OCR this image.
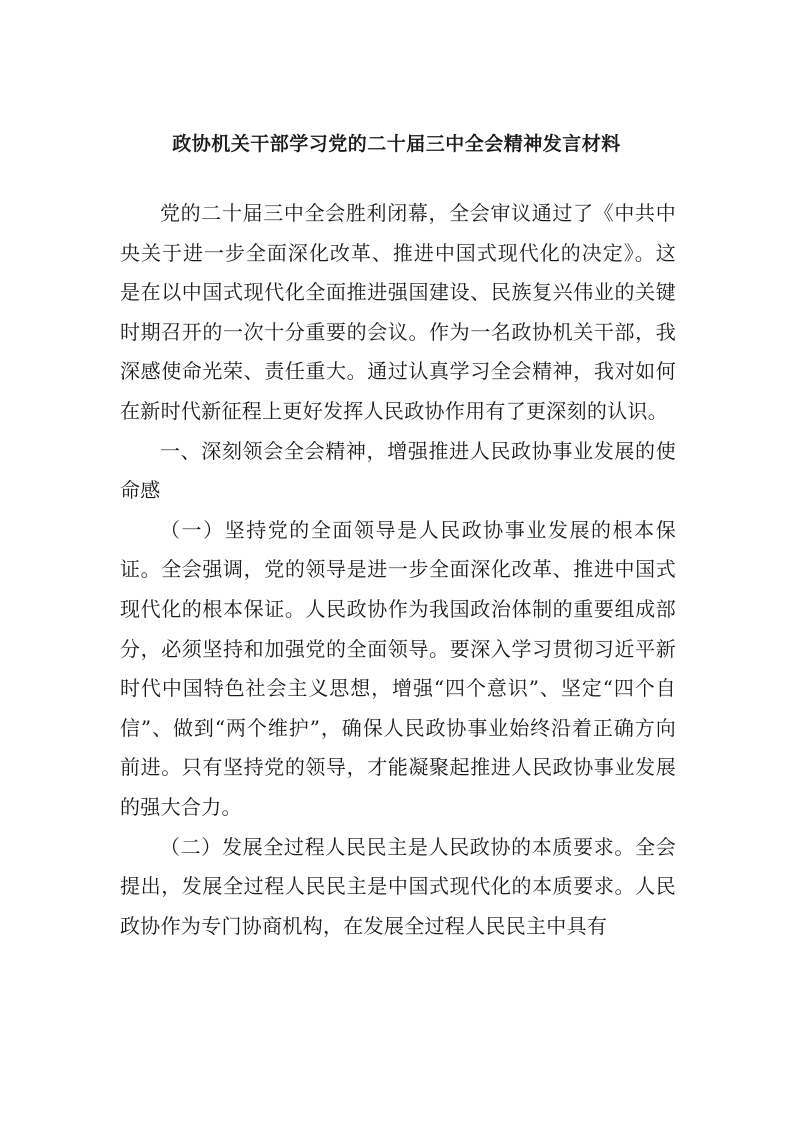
政协机关干部学习党的二十届三中全会精神发言材料

党的二十届三中全会胜利闭幕，全会审议通过了《中共中央关于进一步全面深化改革、推进中国式现代化的决定》。这是在以中国式现代化全面推进强国建设、民族复兴伟业的关键时期召开的一次十分重要的会议。作为一名政协机关干部，我深感使命光荣、责任重大。通过认真学习全会精神，我对如何在新时代新征程上更好发挥人民政协作用有了更深刻的认识。

一、深刻领会全会精神，增强推进人民政协事业发展的使命感

（一）坚持党的全面领导是人民政协事业发展的根本保证。全会强调，党的领导是进一步全面深化改革、推进中国式现代化的根本保证。人民政协作为我国政治体制的重要组成部分，必须坚持和加强党的全面领导。要深入学习贯彻习近平新时代中国特色社会主义思想，增强“四个意识”、坚定“四个自信”、做到“两个维护”，确保人民政协事业始终沿着正确方向前进。只有坚持党的领导，才能凝聚起推进人民政协事业发展的强大合力。

（二）发展全过程人民民主是人民政协的本质要求。全会提出，发展全过程人民民主是中国式现代化的本质要求。人民政协作为专门协商机构，在发展全过程人民民主中具有
